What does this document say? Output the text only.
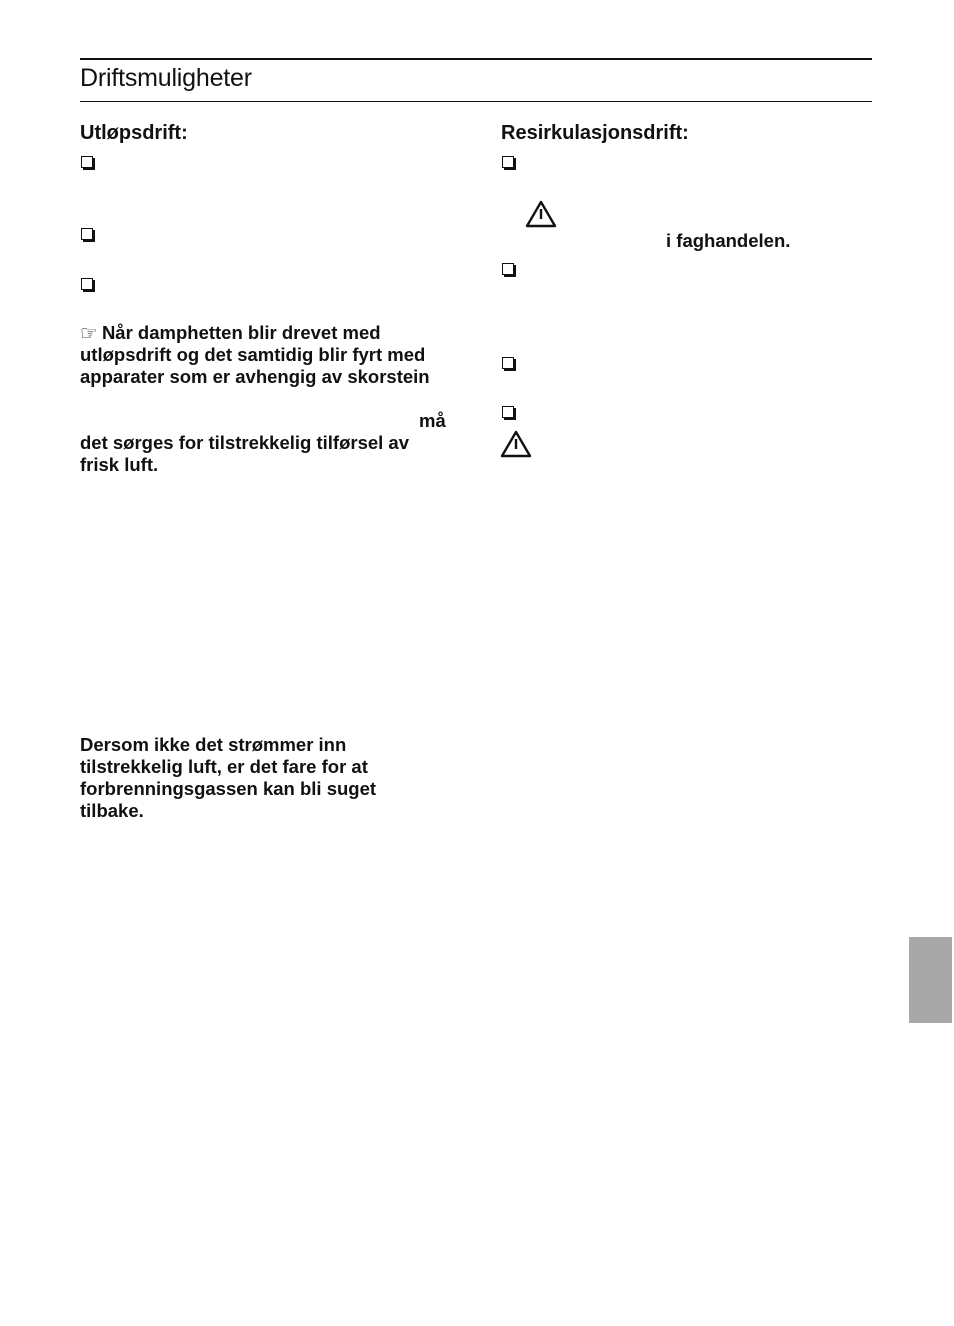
Driftsmuligheter
Utløpsdrift:
☞ Når damphetten blir drevet med
utløpsdrift og det samtidig blir fyrt med
apparater som er avhengig av skorstein
må
det sørges for tilstrekkelig tilførsel av
frisk luft.
Dersom ikke det strømmer inn
tilstrekkelig luft, er det fare for at
forbrenningsgassen kan bli suget
tilbake.
Resirkulasjonsdrift:
i faghandelen.
